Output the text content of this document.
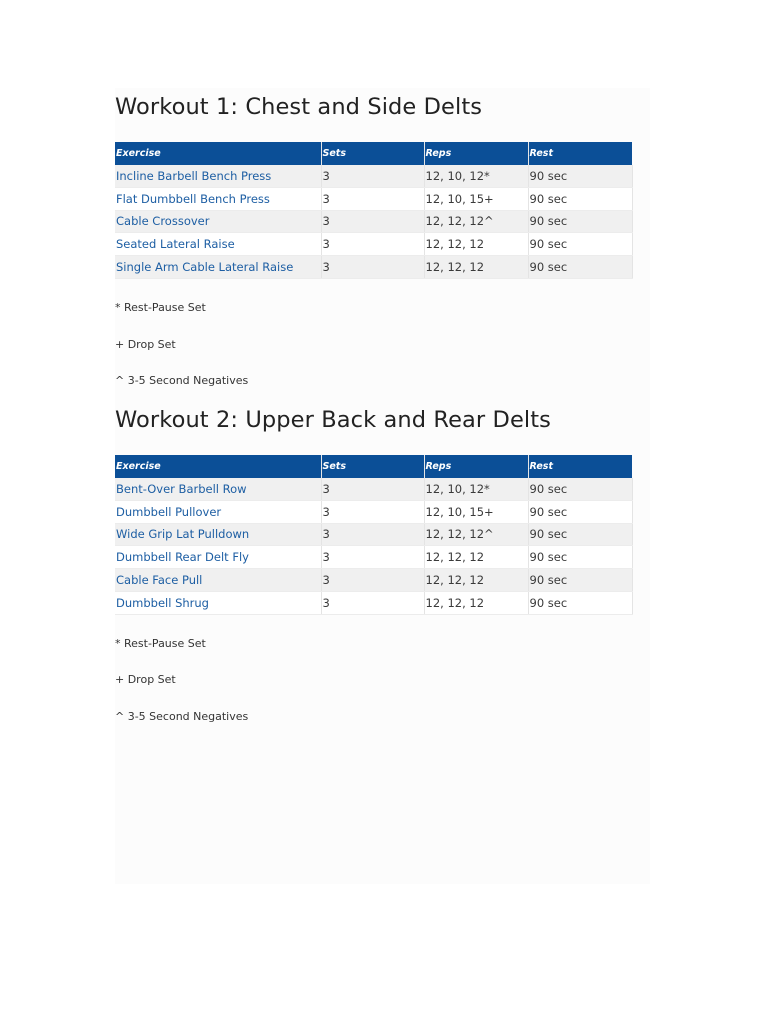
Workout 1: Chest and Side Delts
Exercise	Sets	Reps	Rest
Incline Barbell Bench Press	3	12, 10, 12*	90 sec
Flat Dumbbell Bench Press	3	12, 10, 15+	90 sec
Cable Crossover	3	12, 12, 12^	90 sec
Seated Lateral Raise	3	12, 12, 12	90 sec
Single Arm Cable Lateral Raise	3	12, 12, 12	90 sec

* Rest-Pause Set

+ Drop Set

^ 3-5 Second Negatives

Workout 2: Upper Back and Rear Delts
Exercise	Sets	Reps	Rest
Bent-Over Barbell Row	3	12, 10, 12*	90 sec
Dumbbell Pullover	3	12, 10, 15+	90 sec
Wide Grip Lat Pulldown	3	12, 12, 12^	90 sec
Dumbbell Rear Delt Fly	3	12, 12, 12	90 sec
Cable Face Pull	3	12, 12, 12	90 sec
Dumbbell Shrug	3	12, 12, 12	90 sec

* Rest-Pause Set

+ Drop Set

^ 3-5 Second Negatives
